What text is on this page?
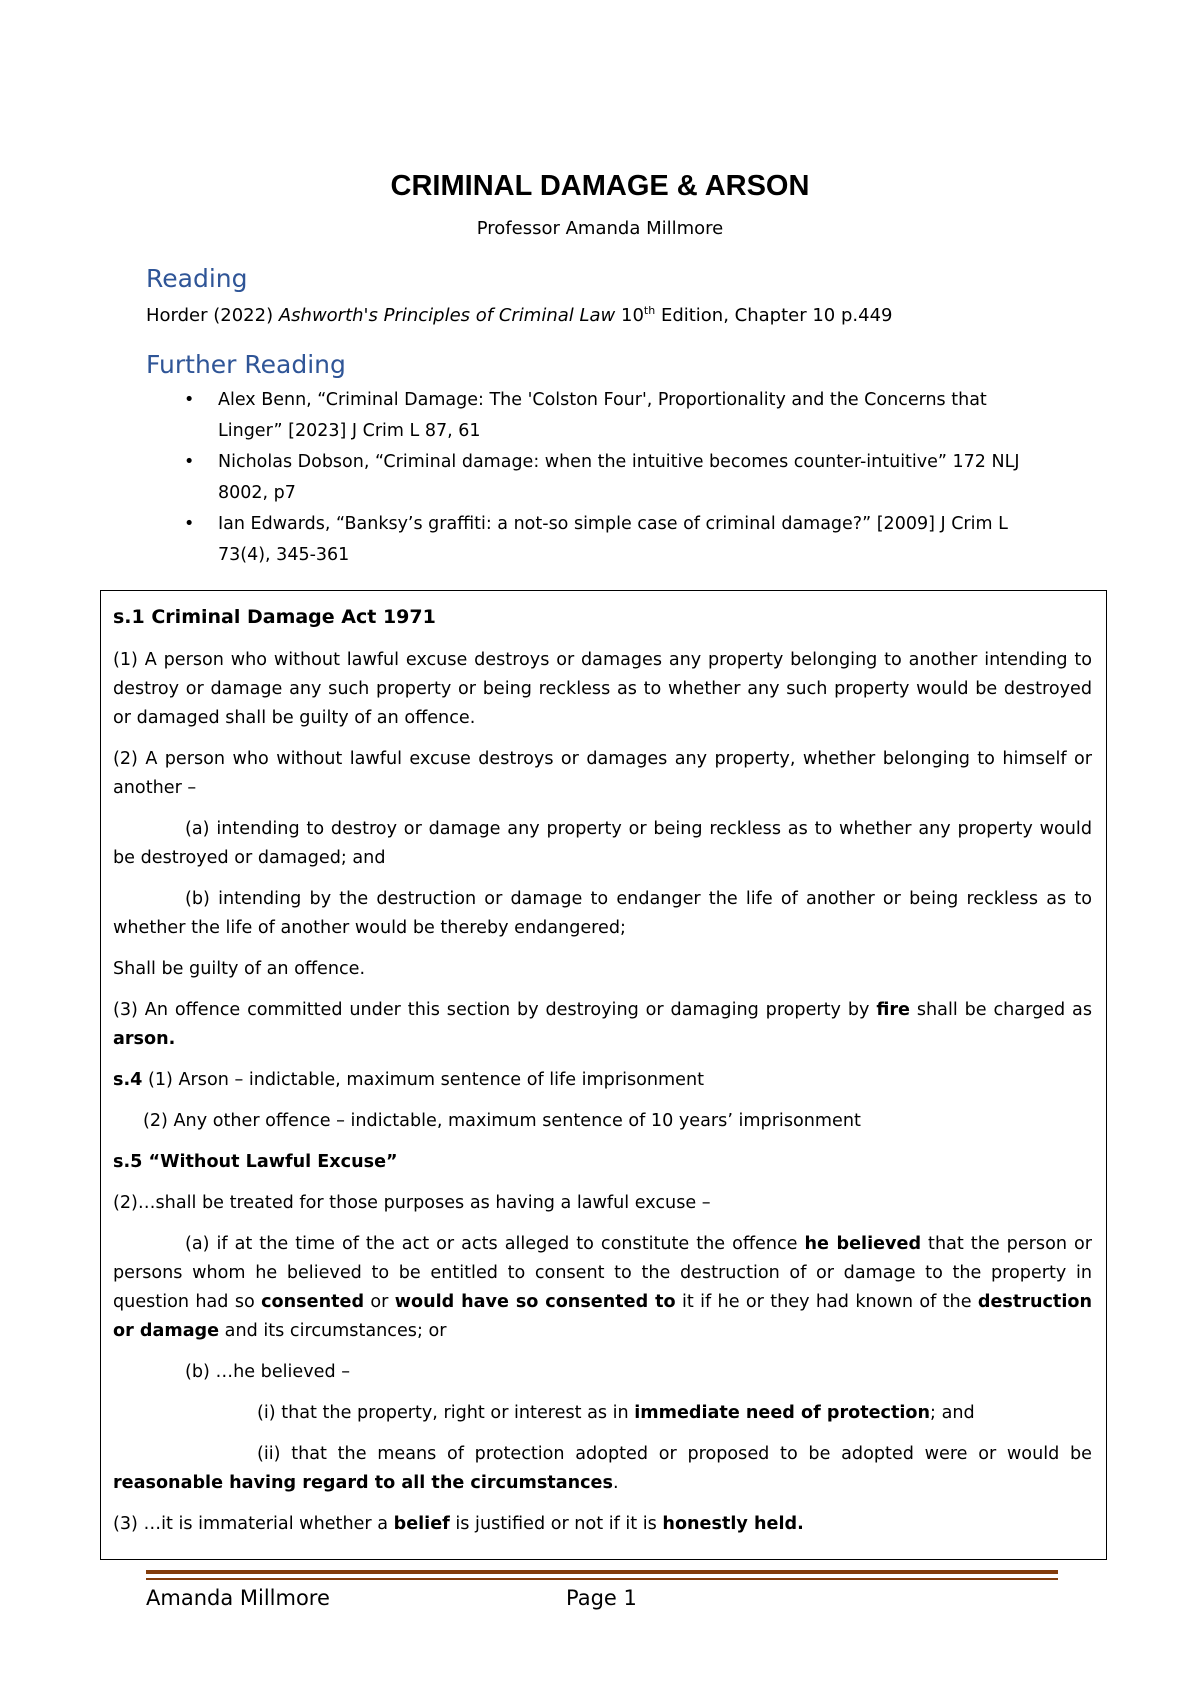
CRIMINAL DAMAGE & ARSON
Professor Amanda Millmore
Reading
Horder (2022) Ashworth's Principles of Criminal Law 10th Edition, Chapter 10 p.449
Further Reading
• Alex Benn, “Criminal Damage: The 'Colston Four', Proportionality and the Concerns that Linger” [2023] J Crim L 87, 61
• Nicholas Dobson, “Criminal damage: when the intuitive becomes counter-intuitive” 172 NLJ 8002, p7
• Ian Edwards, “Banksy’s graffiti: a not-so simple case of criminal damage?” [2009] J Crim L 73(4), 345-361

s.1 Criminal Damage Act 1971

(1) A person who without lawful excuse destroys or damages any property belonging to another intending to destroy or damage any such property or being reckless as to whether any such property would be destroyed or damaged shall be guilty of an offence.

(2) A person who without lawful excuse destroys or damages any property, whether belonging to himself or another –

(a) intending to destroy or damage any property or being reckless as to whether any property would be destroyed or damaged; and

(b) intending by the destruction or damage to endanger the life of another or being reckless as to whether the life of another would be thereby endangered;

Shall be guilty of an offence.

(3) An offence committed under this section by destroying or damaging property by fire shall be charged as arson.

s.4 (1) Arson – indictable, maximum sentence of life imprisonment

(2) Any other offence – indictable, maximum sentence of 10 years’ imprisonment

s.5 “Without Lawful Excuse”

(2)…shall be treated for those purposes as having a lawful excuse –

(a) if at the time of the act or acts alleged to constitute the offence he believed that the person or persons whom he believed to be entitled to consent to the destruction of or damage to the property in question had so consented or would have so consented to it if he or they had known of the destruction or damage and its circumstances; or

(b) …he believed –

(i) that the property, right or interest as in immediate need of protection; and

(ii) that the means of protection adopted or proposed to be adopted were or would be reasonable having regard to all the circumstances.

(3) …it is immaterial whether a belief is justified or not if it is honestly held.

Amanda Millmore	Page 1
